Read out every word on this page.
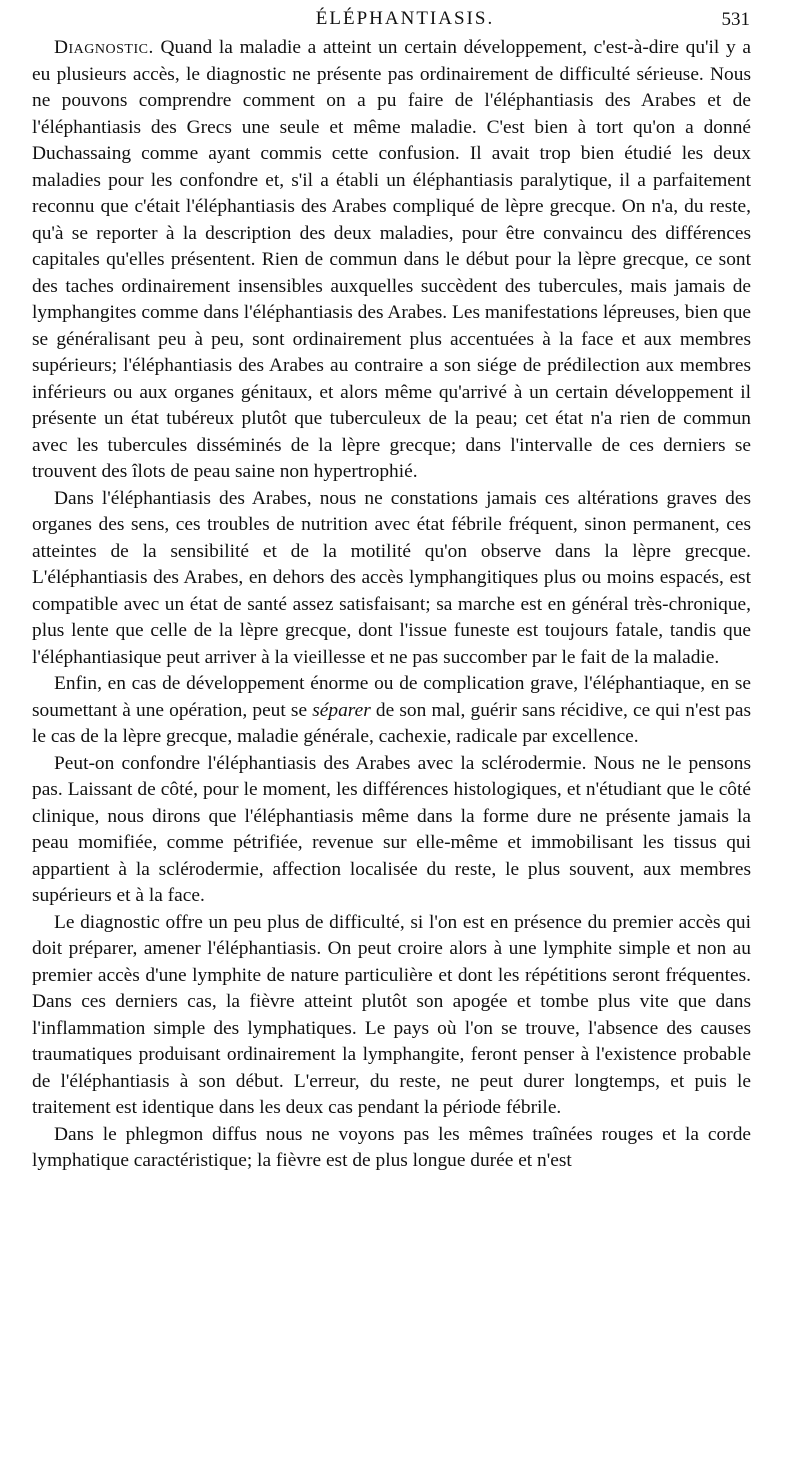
ÉLÉPHANTIASIS.	531

Diagnostic. Quand la maladie a atteint un certain développement, c'est-à-dire qu'il y a eu plusieurs accès, le diagnostic ne présente pas ordinairement de difficulté sérieuse. Nous ne pouvons comprendre comment on a pu faire de l'éléphantiasis des Arabes et de l'éléphantiasis des Grecs une seule et même maladie. C'est bien à tort qu'on a donné Duchassaing comme ayant commis cette confusion. Il avait trop bien étudié les deux maladies pour les confondre et, s'il a établi un éléphantiasis paralytique, il a parfaitement reconnu que c'était l'éléphantiasis des Arabes compliqué de lèpre grecque. On n'a, du reste, qu'à se reporter à la description des deux maladies, pour être convaincu des différences capitales qu'elles présentent. Rien de commun dans le début pour la lèpre grecque, ce sont des taches ordinairement insensibles auxquelles succèdent des tubercules, mais jamais de lymphangites comme dans l'éléphantiasis des Arabes. Les manifestations lépreuses, bien que se généralisant peu à peu, sont ordinairement plus accentuées à la face et aux membres supérieurs; l'éléphantiasis des Arabes au contraire a son siége de prédilection aux membres inférieurs ou aux organes génitaux, et alors même qu'arrivé à un certain développement il présente un état tubéreux plutôt que tuberculeux de la peau; cet état n'a rien de commun avec les tubercules disséminés de la lèpre grecque; dans l'intervalle de ces derniers se trouvent des îlots de peau saine non hypertrophié.

Dans l'éléphantiasis des Arabes, nous ne constations jamais ces altérations graves des organes des sens, ces troubles de nutrition avec état fébrile fréquent, sinon permanent, ces atteintes de la sensibilité et de la motilité qu'on observe dans la lèpre grecque. L'éléphantiasis des Arabes, en dehors des accès lymphangitiques plus ou moins espacés, est compatible avec un état de santé assez satisfaisant; sa marche est en général très-chronique, plus lente que celle de la lèpre grecque, dont l'issue funeste est toujours fatale, tandis que l'éléphantiasique peut arriver à la vieillesse et ne pas succomber par le fait de la maladie.

Enfin, en cas de développement énorme ou de complication grave, l'éléphantiaque, en se soumettant à une opération, peut se séparer de son mal, guérir sans récidive, ce qui n'est pas le cas de la lèpre grecque, maladie générale, cachexie, radicale par excellence.

Peut-on confondre l'éléphantiasis des Arabes avec la sclérodermie. Nous ne le pensons pas. Laissant de côté, pour le moment, les différences histologiques, et n'étudiant que le côté clinique, nous dirons que l'éléphantiasis même dans la forme dure ne présente jamais la peau momifiée, comme pétrifiée, revenue sur elle-même et immobilisant les tissus qui appartient à la sclérodermie, affection localisée du reste, le plus souvent, aux membres supérieurs et à la face.

Le diagnostic offre un peu plus de difficulté, si l'on est en présence du premier accès qui doit préparer, amener l'éléphantiasis. On peut croire alors à une lymphite simple et non au premier accès d'une lymphite de nature particulière et dont les répétitions seront fréquentes. Dans ces derniers cas, la fièvre atteint plutôt son apogée et tombe plus vite que dans l'inflammation simple des lymphatiques. Le pays où l'on se trouve, l'absence des causes traumatiques produisant ordinairement la lymphangite, feront penser à l'existence probable de l'éléphantiasis à son début. L'erreur, du reste, ne peut durer longtemps, et puis le traitement est identique dans les deux cas pendant la période fébrile.

Dans le phlegmon diffus nous ne voyons pas les mêmes traînées rouges et la corde lymphatique caractéristique; la fièvre est de plus longue durée et n'est
